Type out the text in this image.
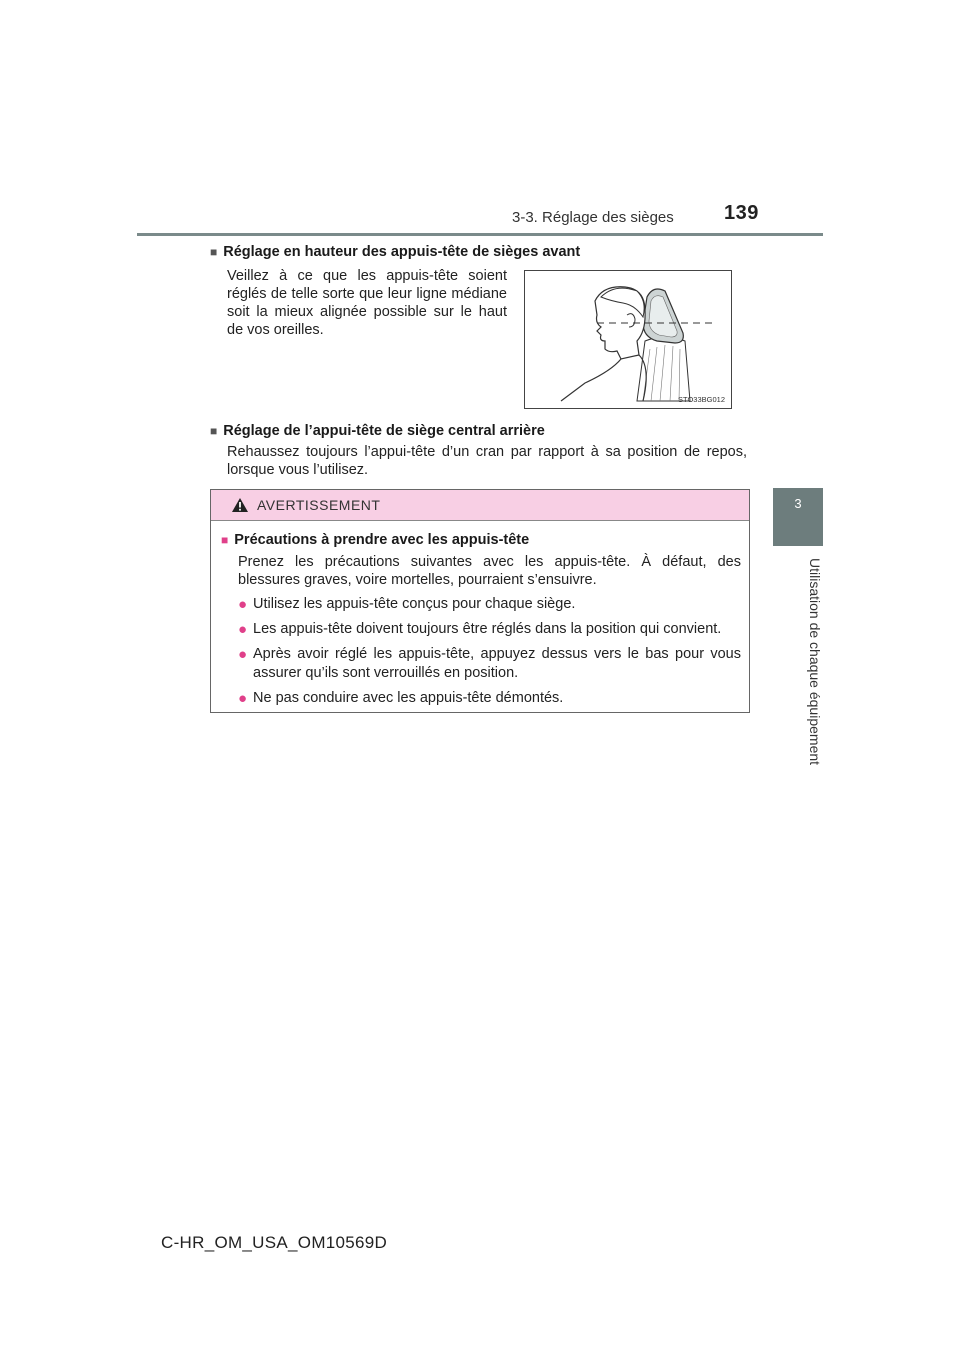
3-3. Réglage des sièges	139
3
Utilisation de chaque équipement
■ Réglage en hauteur des appuis-tête de sièges avant
Veillez à ce que les appuis-tête soient réglés de telle sorte que leur ligne médiane soit la mieux alignée possible sur le haut de vos oreilles.
STO33BG012
■ Réglage de l’appui-tête de siège central arrière
Rehaussez toujours l’appui-tête d’un cran par rapport à sa position de repos, lorsque vous l’utilisez.
AVERTISSEMENT
■ Précautions à prendre avec les appuis-tête
Prenez les précautions suivantes avec les appuis-tête. À défaut, des blessures graves, voire mortelles, pourraient s’ensuivre.
● Utilisez les appuis-tête conçus pour chaque siège.
● Les appuis-tête doivent toujours être réglés dans la position qui convient.
● Après avoir réglé les appuis-tête, appuyez dessus vers le bas pour vous assurer qu’ils sont verrouillés en position.
● Ne pas conduire avec les appuis-tête démontés.
C-HR_OM_USA_OM10569D
